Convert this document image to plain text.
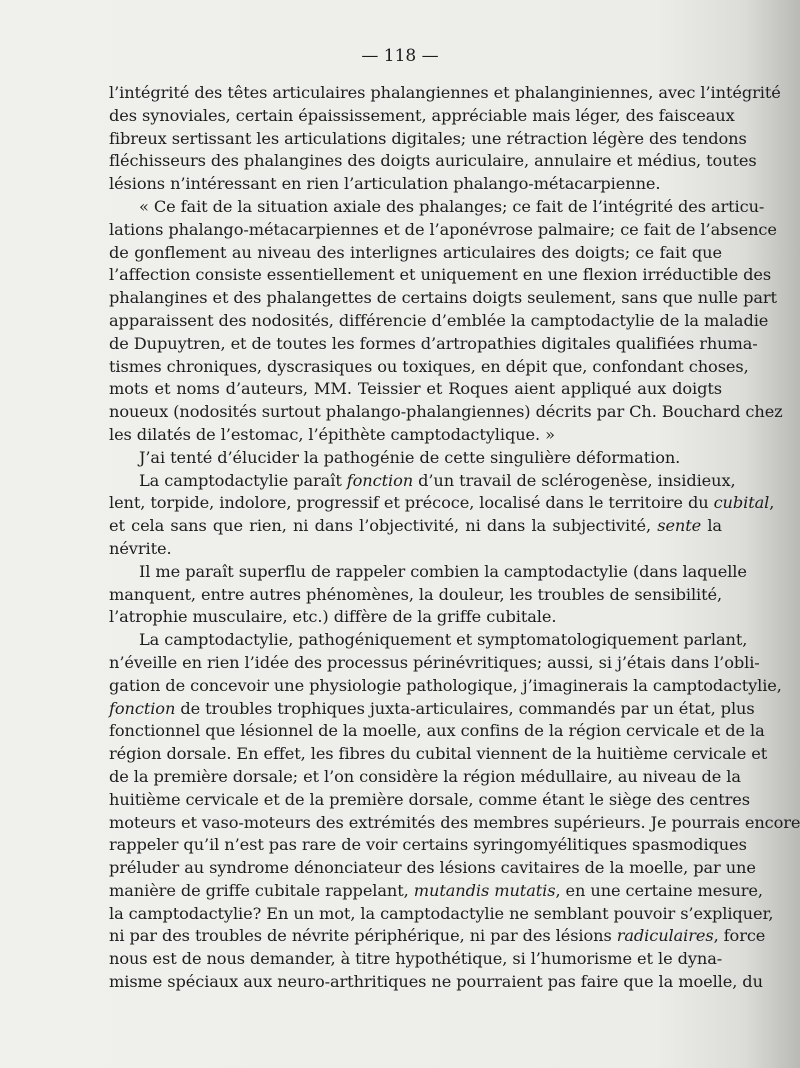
— 118 —
l’intégrité des têtes articulaires phalangiennes et phalanginiennes, avec l’intégrité
des synoviales, certain épaississement, appréciable mais léger, des faisceaux
fibreux sertissant les articulations digitales; une rétraction légère des tendons
fléchisseurs des phalangines des doigts auriculaire, annulaire et médius, toutes
lésions n’intéressant en rien l’articulation phalango-métacarpienne.
« Ce fait de la situation axiale des phalanges; ce fait de l’intégrité des articu-
lations phalango-métacarpiennes et de l’aponévrose palmaire; ce fait de l’absence
de gonflement au niveau des interlignes articulaires des doigts; ce fait que
l’affection consiste essentiellement et uniquement en une flexion irréductible des
phalangines et des phalangettes de certains doigts seulement, sans que nulle part
apparaissent des nodosités, différencie d’emblée la camptodactylie de la maladie
de Dupuytren, et de toutes les formes d’artropathies digitales qualifiées rhuma-
tismes chroniques, dyscrasiques ou toxiques, en dépit que, confondant choses,
mots et noms d’auteurs, MM. Teissier et Roques aient appliqué aux doigts
noueux (nodosités surtout phalango-phalangiennes) décrits par Ch. Bouchard chez
les dilatés de l’estomac, l’épithète camptodactylique. »
J’ai tenté d’élucider la pathogénie de cette singulière déformation.
La camptodactylie paraît fonction d’un travail de sclérogenèse, insidieux,
lent, torpide, indolore, progressif et précoce, localisé dans le territoire du cubital,
et cela sans que rien, ni dans l’objectivité, ni dans la subjectivité, sente la
névrite.
Il me paraît superflu de rappeler combien la camptodactylie (dans laquelle
manquent, entre autres phénomènes, la douleur, les troubles de sensibilité,
l’atrophie musculaire, etc.) diffère de la griffe cubitale.
La camptodactylie, pathogéniquement et symptomatologiquement parlant,
n’éveille en rien l’idée des processus périnévritiques; aussi, si j’étais dans l’obli-
gation de concevoir une physiologie pathologique, j’imaginerais la camptodactylie,
fonction de troubles trophiques juxta-articulaires, commandés par un état, plus
fonctionnel que lésionnel de la moelle, aux confins de la région cervicale et de la
région dorsale. En effet, les fibres du cubital viennent de la huitième cervicale et
de la première dorsale; et l’on considère la région médullaire, au niveau de la
huitième cervicale et de la première dorsale, comme étant le siège des centres
moteurs et vaso-moteurs des extrémités des membres supérieurs. Je pourrais encore
rappeler qu’il n’est pas rare de voir certains syringomyélitiques spasmodiques
préluder au syndrome dénonciateur des lésions cavitaires de la moelle, par une
manière de griffe cubitale rappelant, mutandis mutatis, en une certaine mesure,
la camptodactylie? En un mot, la camptodactylie ne semblant pouvoir s’expliquer,
ni par des troubles de névrite périphérique, ni par des lésions radiculaires, force
nous est de nous demander, à titre hypothétique, si l’humorisme et le dyna-
misme spéciaux aux neuro-arthritiques ne pourraient pas faire que la moelle, du
